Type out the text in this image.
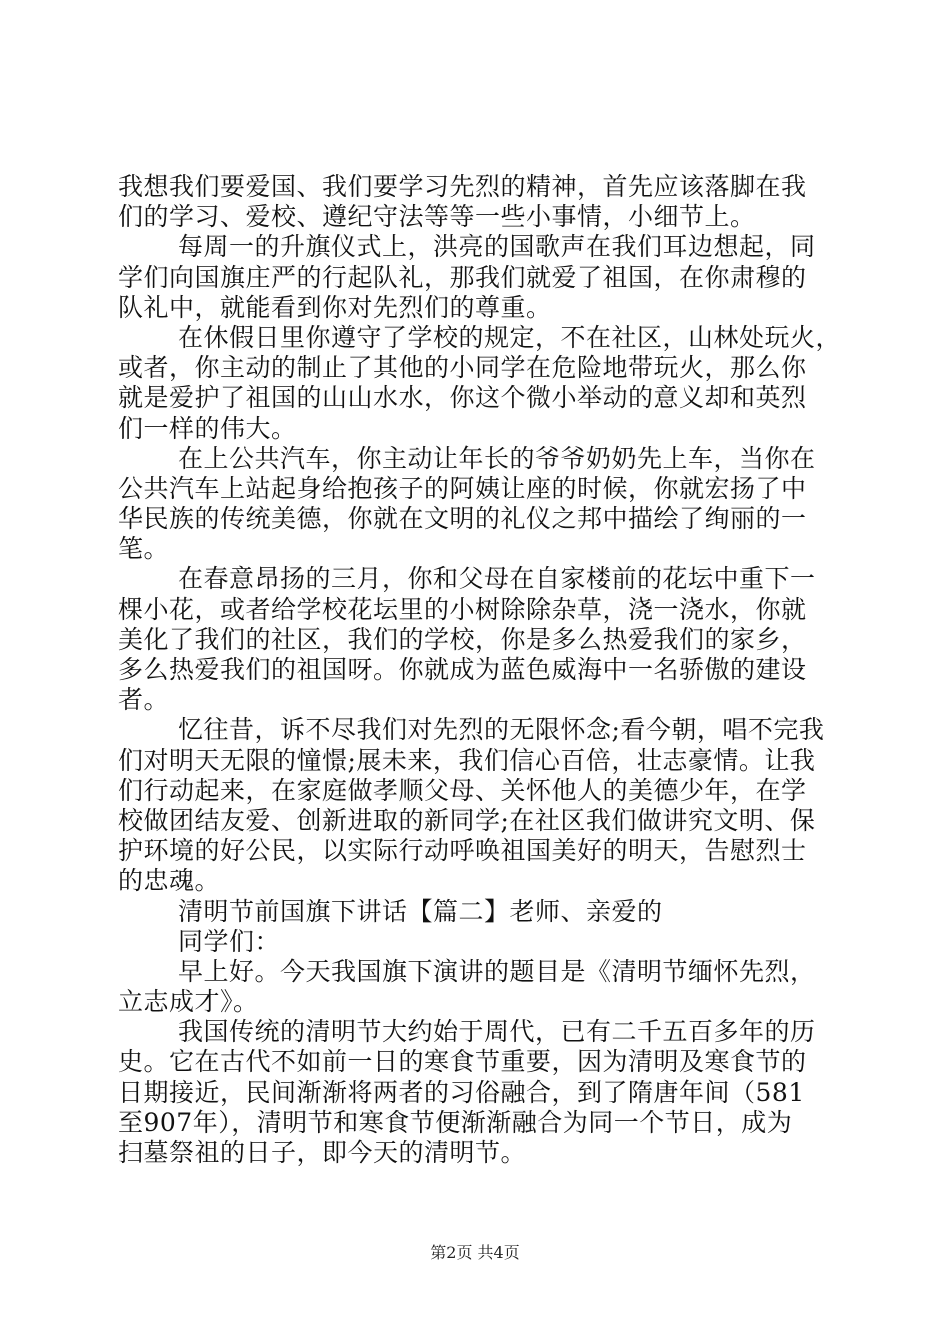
我想我们要爱国、我们要学习先烈的精神，首先应该落脚在我
们的学习、爱校、遵纪守法等等一些小事情，小细节上。
每周一的升旗仪式上，洪亮的国歌声在我们耳边想起，同
学们向国旗庄严的行起队礼，那我们就爱了祖国，在你肃穆的
队礼中，就能看到你对先烈们的尊重。
在休假日里你遵守了学校的规定，不在社区，山林处玩火，
或者，你主动的制止了其他的小同学在危险地带玩火，那么你
就是爱护了祖国的山山水水，你这个微小举动的意义却和英烈
们一样的伟大。
在上公共汽车，你主动让年长的爷爷奶奶先上车，当你在
公共汽车上站起身给抱孩子的阿姨让座的时候，你就宏扬了中
华民族的传统美德，你就在文明的礼仪之邦中描绘了绚丽的一
笔。
在春意昂扬的三月，你和父母在自家楼前的花坛中重下一
棵小花，或者给学校花坛里的小树除除杂草，浇一浇水，你就
美化了我们的社区，我们的学校，你是多么热爱我们的家乡，
多么热爱我们的祖国呀。你就成为蓝色威海中一名骄傲的建设
者。
忆往昔，诉不尽我们对先烈的无限怀念;看今朝，唱不完我
们对明天无限的憧憬;展未来，我们信心百倍，壮志豪情。让我
们行动起来，在家庭做孝顺父母、关怀他人的美德少年，在学
校做团结友爱、创新进取的新同学;在社区我们做讲究文明、保
护环境的好公民，以实际行动呼唤祖国美好的明天，告慰烈士
的忠魂。
清明节前国旗下讲话【篇二】老师、亲爱的
同学们：
早上好。今天我国旗下演讲的题目是《清明节缅怀先烈，
立志成才》。
我国传统的清明节大约始于周代，已有二千五百多年的历
史。它在古代不如前一日的寒食节重要，因为清明及寒食节的
日期接近，民间渐渐将两者的习俗融合，到了隋唐年间（581
至907年），清明节和寒食节便渐渐融合为同一个节日，成为
扫墓祭祖的日子，即今天的清明节。
第2页 共4页
